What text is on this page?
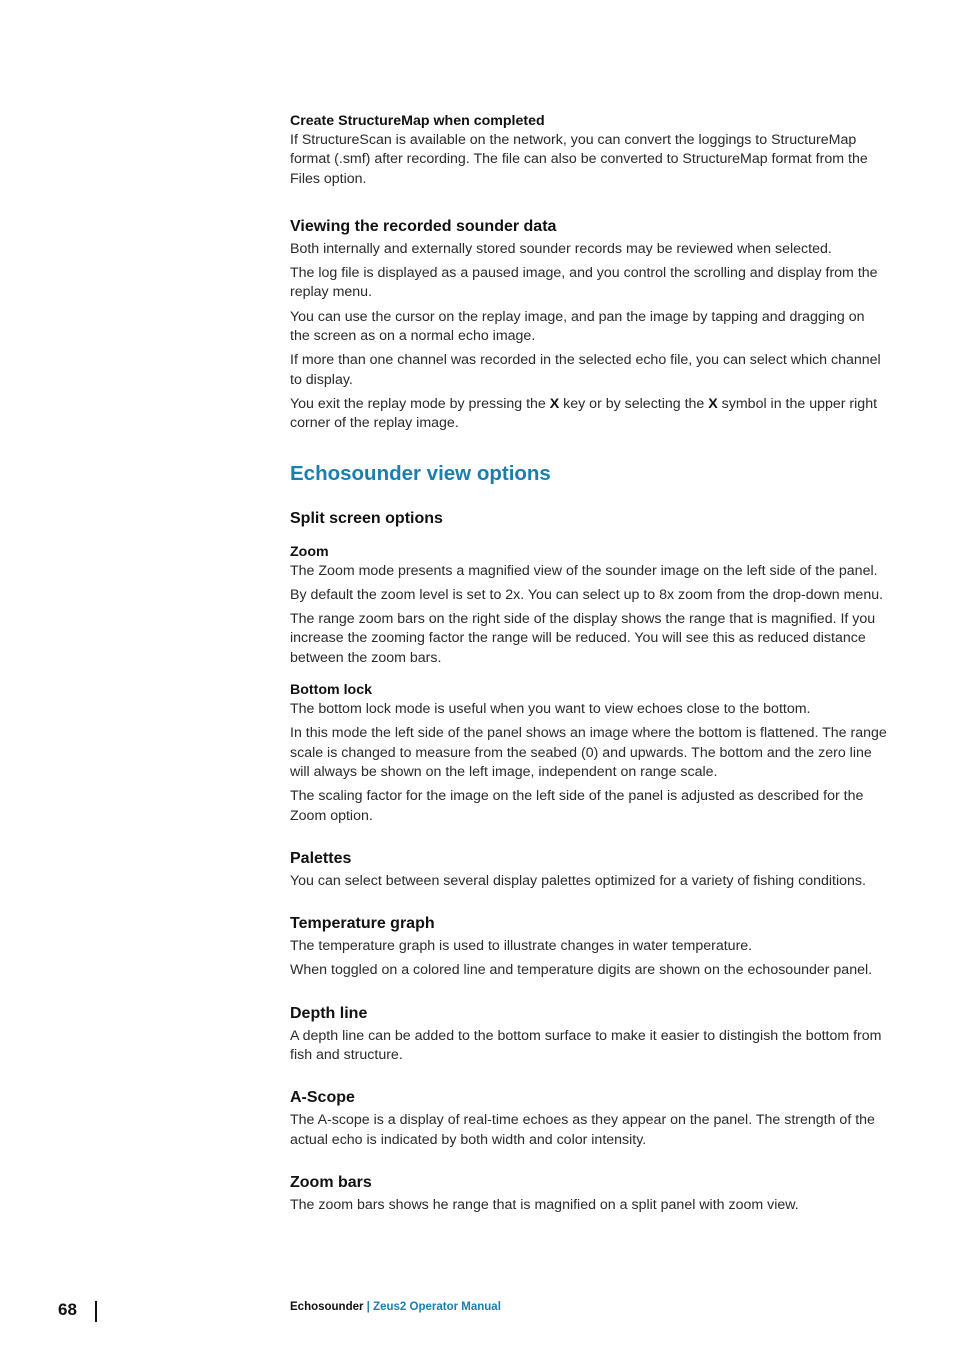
Create StructureMap when completed

If StructureScan is available on the network, you can convert the loggings to StructureMap format (.smf) after recording. The file can also be converted to StructureMap format from the Files option.

Viewing the recorded sounder data

Both internally and externally stored sounder records may be reviewed when selected.

The log file is displayed as a paused image, and you control the scrolling and display from the replay menu.

You can use the cursor on the replay image, and pan the image by tapping and dragging on the screen as on a normal echo image.

If more than one channel was recorded in the selected echo file, you can select which channel to display.

You exit the replay mode by pressing the X key or by selecting the X symbol in the upper right corner of the replay image.

Echosounder view options
Split screen options
Zoom

The Zoom mode presents a magnified view of the sounder image on the left side of the panel.

By default the zoom level is set to 2x. You can select up to 8x zoom from the drop-down menu.

The range zoom bars on the right side of the display shows the range that is magnified. If you increase the zooming factor the range will be reduced. You will see this as reduced distance between the zoom bars.

Bottom lock

The bottom lock mode is useful when you want to view echoes close to the bottom.

In this mode the left side of the panel shows an image where the bottom is flattened. The range scale is changed to measure from the seabed (0) and upwards. The bottom and the zero line will always be shown on the left image, independent on range scale.

The scaling factor for the image on the left side of the panel is adjusted as described for the Zoom option.

Palettes

You can select between several display palettes optimized for a variety of fishing conditions.

Temperature graph

The temperature graph is used to illustrate changes in water temperature.

When toggled on a colored line and temperature digits are shown on the echosounder panel.

Depth line

A depth line can be added to the bottom surface to make it easier to distingish the bottom from fish and structure.

A-Scope

The A-scope is a display of real-time echoes as they appear on the panel. The strength of the actual echo is indicated by both width and color intensity.

Zoom bars

The zoom bars shows he range that is magnified on a split panel with zoom view.

68	Echosounder | Zeus2 Operator Manual
